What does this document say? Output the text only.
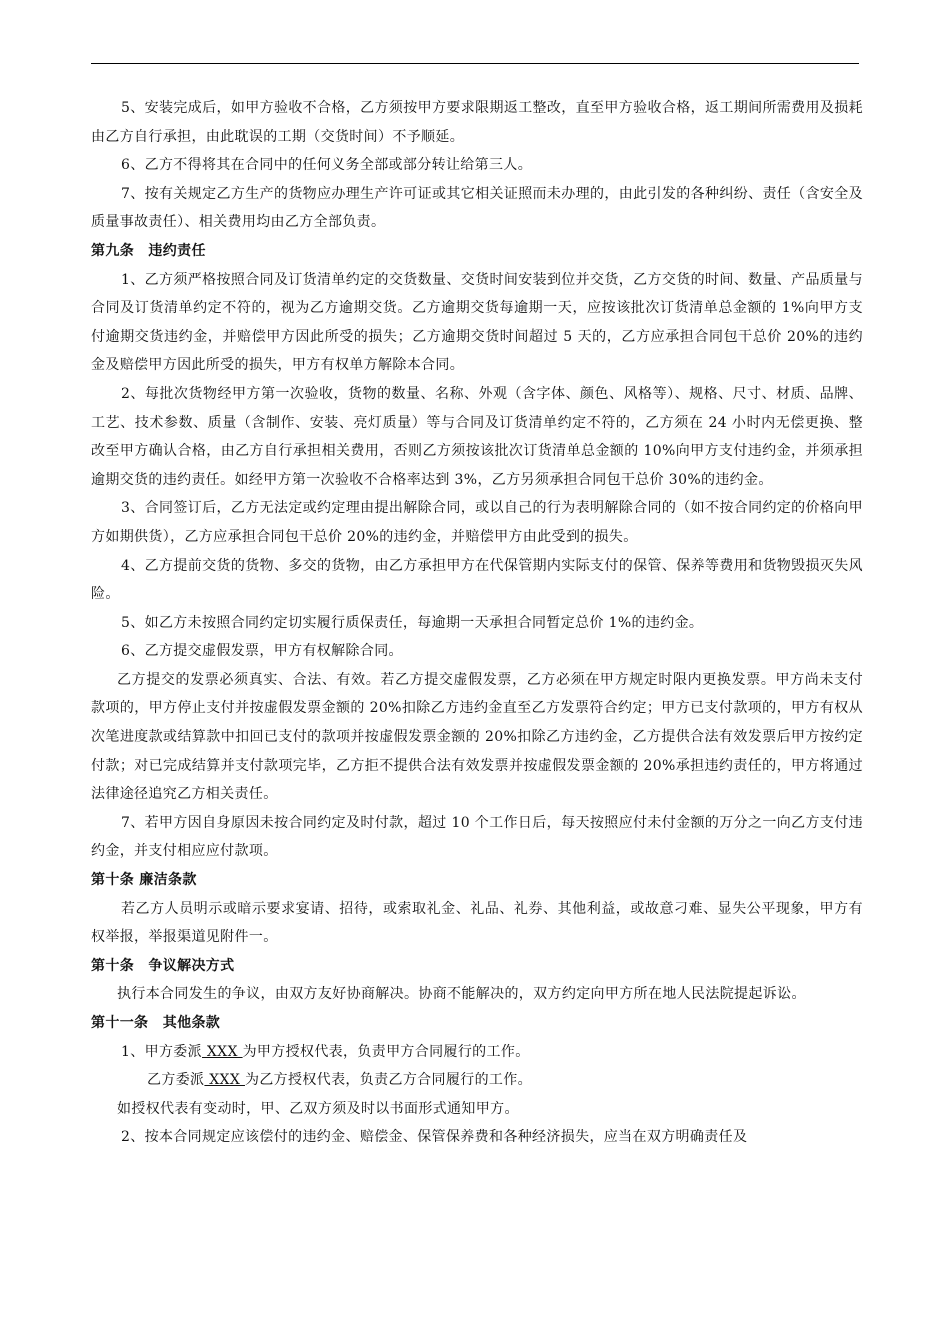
5、安装完成后，如甲方验收不合格，乙方须按甲方要求限期返工整改，直至甲方验收合格，返工期间所需费用及损耗由乙方自行承担，由此耽误的工期（交货时间）不予顺延。

6、乙方不得将其在合同中的任何义务全部或部分转让给第三人。

7、按有关规定乙方生产的货物应办理生产许可证或其它相关证照而未办理的，由此引发的各种纠纷、责任（含安全及质量事故责任）、相关费用均由乙方全部负责。

第九条　违约责任

1、乙方须严格按照合同及订货清单约定的交货数量、交货时间安装到位并交货，乙方交货的时间、数量、产品质量与合同及订货清单约定不符的，视为乙方逾期交货。乙方逾期交货每逾期一天，应按该批次订货清单总金额的 1%向甲方支付逾期交货违约金，并赔偿甲方因此所受的损失；乙方逾期交货时间超过 5 天的，乙方应承担合同包干总价 20%的违约金及赔偿甲方因此所受的损失，甲方有权单方解除本合同。

2、每批次货物经甲方第一次验收，货物的数量、名称、外观（含字体、颜色、风格等）、规格、尺寸、材质、品牌、工艺、技术参数、质量（含制作、安装、亮灯质量）等与合同及订货清单约定不符的，乙方须在 24 小时内无偿更换、整改至甲方确认合格，由乙方自行承担相关费用，否则乙方须按该批次订货清单总金额的 10%向甲方支付违约金，并须承担逾期交货的违约责任。如经甲方第一次验收不合格率达到 3%，乙方另须承担合同包干总价 30%的违约金。

3、合同签订后，乙方无法定或约定理由提出解除合同，或以自己的行为表明解除合同的（如不按合同约定的价格向甲方如期供货），乙方应承担合同包干总价 20%的违约金，并赔偿甲方由此受到的损失。

4、乙方提前交货的货物、多交的货物，由乙方承担甲方在代保管期内实际支付的保管、保养等费用和货物毁损灭失风险。

5、如乙方未按照合同约定切实履行质保责任，每逾期一天承担合同暂定总价 1%的违约金。

6、乙方提交虚假发票，甲方有权解除合同。

乙方提交的发票必须真实、合法、有效。若乙方提交虚假发票，乙方必须在甲方规定时限内更换发票。甲方尚未支付款项的，甲方停止支付并按虚假发票金额的 20%扣除乙方违约金直至乙方发票符合约定；甲方已支付款项的，甲方有权从次笔进度款或结算款中扣回已支付的款项并按虚假发票金额的 20%扣除乙方违约金，乙方提供合法有效发票后甲方按约定付款；对已完成结算并支付款项完毕，乙方拒不提供合法有效发票并按虚假发票金额的 20%承担违约责任的，甲方将通过法律途径追究乙方相关责任。

7、若甲方因自身原因未按合同约定及时付款，超过 10 个工作日后，每天按照应付未付金额的万分之一向乙方支付违约金，并支付相应应付款项。

第十条 廉洁条款

若乙方人员明示或暗示要求宴请、招待，或索取礼金、礼品、礼券、其他利益，或故意刁难、显失公平现象，甲方有权举报，举报渠道见附件一。

第十条　争议解决方式

执行本合同发生的争议，由双方友好协商解决。协商不能解决的，双方约定向甲方所在地人民法院提起诉讼。

第十一条　其他条款

1、甲方委派 XXX 为甲方授权代表，负责甲方合同履行的工作。

乙方委派 XXX 为乙方授权代表，负责乙方合同履行的工作。

如授权代表有变动时，甲、乙双方须及时以书面形式通知甲方。

2、按本合同规定应该偿付的违约金、赔偿金、保管保养费和各种经济损失，应当在双方明确责任及
